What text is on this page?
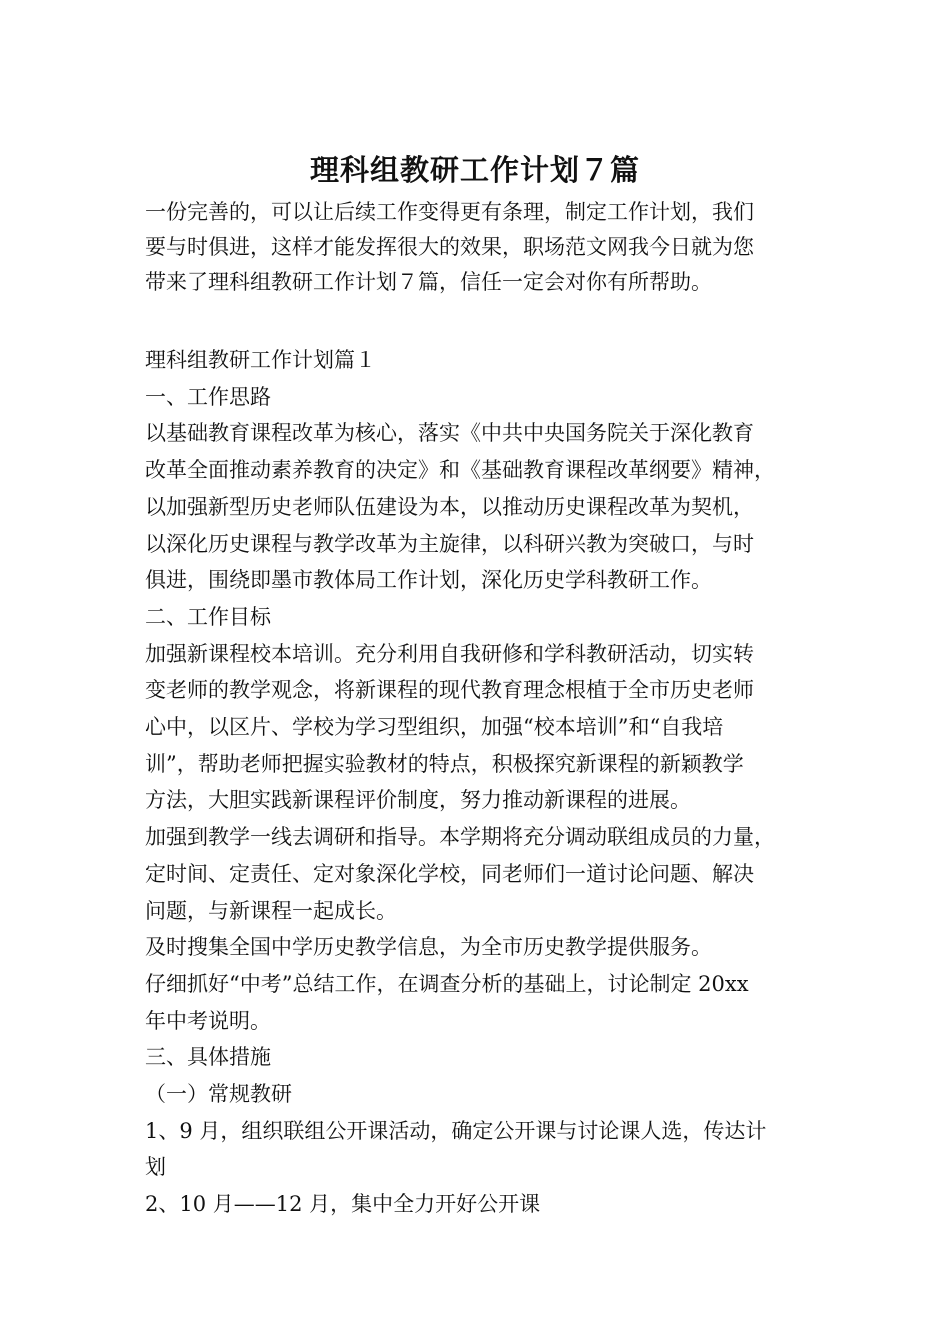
理科组教研工作计划７篇

一份完善的，可以让后续工作变得更有条理，制定工作计划，我们

要与时俱进，这样才能发挥很大的效果，职场范文网我今日就为您

带来了理科组教研工作计划７篇，信任一定会对你有所帮助。

理科组教研工作计划篇１

一、工作思路

以基础教育课程改革为核心，落实《中共中央国务院关于深化教育

改革全面推动素养教育的决定》和《基础教育课程改革纲要》精神，

以加强新型历史老师队伍建设为本，以推动历史课程改革为契机，

以深化历史课程与教学改革为主旋律，以科研兴教为突破口，与时

俱进，围绕即墨市教体局工作计划，深化历史学科教研工作。

二、工作目标

加强新课程校本培训。充分利用自我研修和学科教研活动，切实转

变老师的教学观念，将新课程的现代教育理念根植于全市历史老师

心中，以区片、学校为学习型组织，加强“校本培训”和“自我培

训”，帮助老师把握实验教材的特点，积极探究新课程的新颖教学

方法，大胆实践新课程评价制度，努力推动新课程的进展。

加强到教学一线去调研和指导。本学期将充分调动联组成员的力量，

定时间、定责任、定对象深化学校，同老师们一道讨论问题、解决

问题，与新课程一起成长。

及时搜集全国中学历史教学信息，为全市历史教学提供服务。

仔细抓好“中考”总结工作，在调查分析的基础上，讨论制定 20xx

年中考说明。

三、具体措施

（一）常规教研

1、9 月，组织联组公开课活动，确定公开课与讨论课人选，传达计

划

2、10 月——12 月，集中全力开好公开课
